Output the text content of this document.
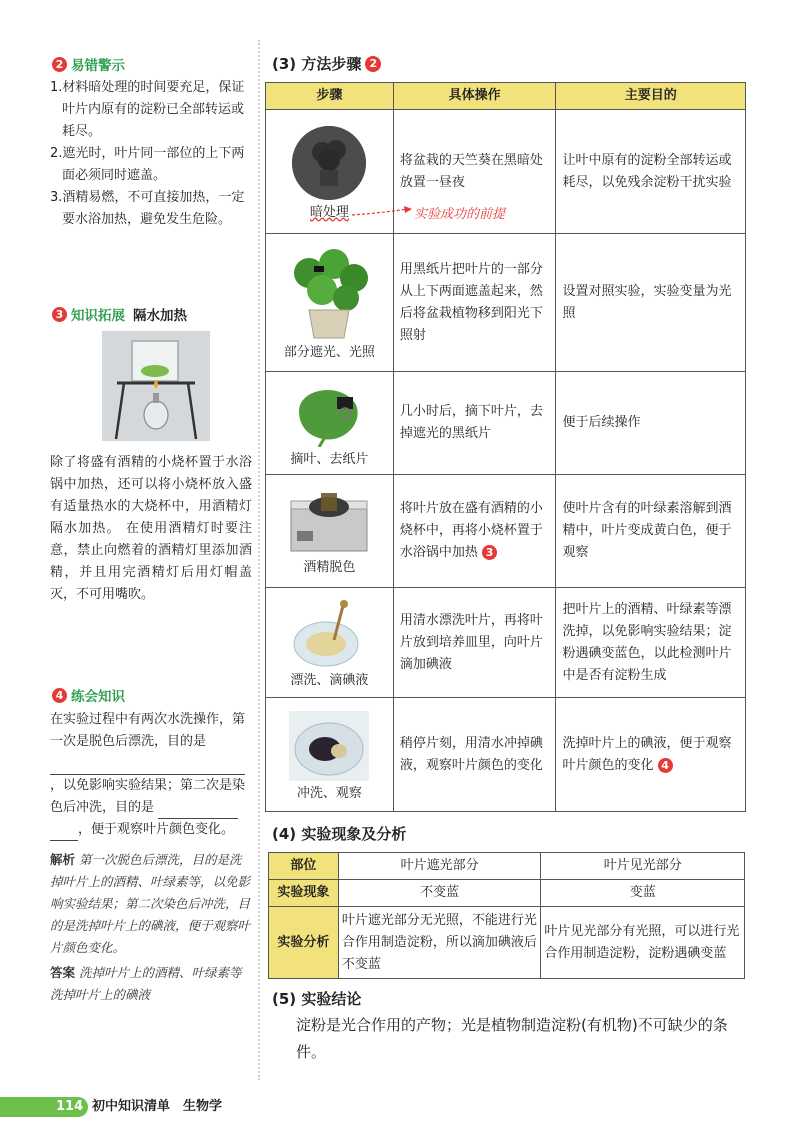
2 易错警示

1.材料暗处理的时间要充足，保证叶片内原有的淀粉已全部转运或耗尽。

2.遮光时，叶片同一部位的上下两面必须同时遮盖。

3.酒精易燃，不可直接加热，一定要水浴加热，避免发生危险。

3 知识拓展 隔水加热
除了将盛有酒精的小烧杯置于水浴锅中加热，还可以将小烧杯放入盛有适量热水的大烧杯中，用酒精灯隔水加热。 在使用酒精灯时要注意，禁止向燃着的酒精灯里添加酒精，并且用完酒精灯后用灯帽盖灭，不可用嘴吹。
4 练会知识
在实验过程中有两次水洗操作，第一次是脱色后漂洗，目的是 ，以免影响实验结果；第二次是染色后冲洗，目的是  ，便于观察叶片颜色变化。
解析 第一次脱色后漂洗，目的是洗掉叶片上的酒精、叶绿素等，以免影响实验结果；第二次染色后冲洗，目的是洗掉叶片上的碘液，便于观察叶片颜色变化。
答案 洗掉叶片上的酒精、叶绿素等　洗掉叶片上的碘液
(3) 方法步骤 2
步骤	具体操作	主要目的

暗处理	将盆栽的天竺葵在黑暗处放置一昼夜	让叶中原有的淀粉全部转运或耗尽，以免残余淀粉干扰实验

部分遮光、光照	用黑纸片把叶片的一部分从上下两面遮盖起来，然后将盆栽植物移到阳光下照射	设置对照实验，实验变量为光照

摘叶、去纸片	几小时后，摘下叶片，去掉遮光的黑纸片	便于后续操作

酒精脱色	将叶片放在盛有酒精的小烧杯中，再将小烧杯置于水浴锅中加热 3	使叶片含有的叶绿素溶解到酒精中，叶片变成黄白色，便于观察

漂洗、滴碘液	用清水漂洗叶片，再将叶片放到培养皿里，向叶片滴加碘液	把叶片上的酒精、叶绿素等漂洗掉，以免影响实验结果；淀粉遇碘变蓝色，以此检测叶片中是否有淀粉生成

冲洗、观察	稍停片刻，用清水冲掉碘液，观察叶片颜色的变化	洗掉叶片上的碘液，便于观察叶片颜色的变化 4
实验成功的前提
(4) 实验现象及分析
部位	叶片遮光部分	叶片见光部分
实验现象	不变蓝	变蓝
实验分析	叶片遮光部分无光照，不能进行光合作用制造淀粉，所以滴加碘液后不变蓝	叶片见光部分有光照，可以进行光合作用制造淀粉，淀粉遇碘变蓝
(5) 实验结论
淀粉是光合作用的产物；光是植物制造淀粉(有机物)不可缺少的条件。
114 初中知识清单　生物学
